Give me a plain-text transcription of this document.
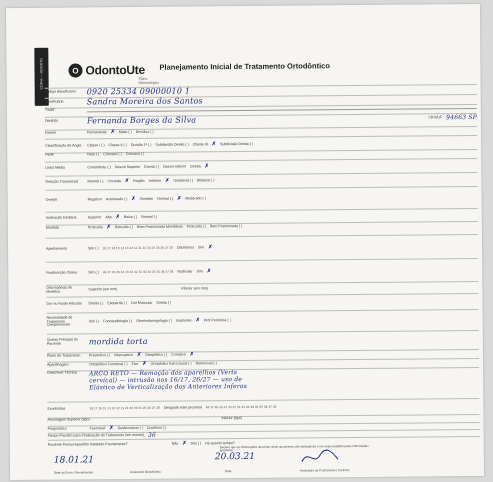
CÓPIA — ODONTO	O OdontoUte
Plano Odontológico
Planejamento Inicial de Tratamento Ortodôntico
Código Beneficiário	0920 25334 09000010 1
Beneficiário	Sandra Moreira dos Santos
Titular
Dentista	Fernanda Borges da Silva	CRO/UF 94663 SP
Desvio	Permanente ✗ Mista ( ) Decídua ( )
Classificação de Angle	Classe I ( ) Classe II ( ) Divisão 1ª ( ) Subdivisão Direita ( ) Classe III ✗ Subdivisão Direita ( )
Perfil	Reto ( ) Côncavo ( ) Convexo ( )
Linha Média	Coincidente ( ) Desvio Superior Direita ( ) Desvio Inferior Direita ✗
Relação Transversal	Normal ( ) Cruzada ✗ Região Anterior ✗ Unilateral ( ) Bilateral ( )
Overjet	Negativo Acentuado ( ) ✗ Overbite Normal ( ) ✗ Moderado ( )
Inclinação Dentária	Superior Alta ✗ Baixa ( ) Normal ( )
Mordida	Protruída ✗ Retruída ( ) Bem Posicionada Mandíbula Protruída ( ) Bem Posicionada ( )
Apinhamento	Sim ( ) 18 17 16 15 14 13 12 11 21 22 23 24 25 26 27 28 Diastemas Sim ✗
Reabsorção Óssea	Sim ( ) 48 47 46 45 44 43 42 41 31 32 33 34 35 36 37 38 Radicular Sim ✗
Discrepância de Modelos
Superior (em mm)	Inferior (em mm)
Dor ou Ruído Articular	Direita ( ) Esquerda ( ) Dor Muscular Direita ( )
Necessidade de Tratamento Complementar
Sim ( ) Fonoaudiologia ( ) Otorrinolaringologia ( ) Implantes ✗ Prót Periódica ( )
Queixa Principal do Paciente	mordida torta
Plano de Tratamento	Preventivo ( ) Interceptivo ✗ Ortopédico ( ) Corretivo ✗
Aparelhagem	Ortopédico Funcional ( ) Fixo ✗ Ortopédico Extra bucal ( ) Removível ( )
Descrever Técnica	ARCO RETO — Remoção dos aparelhos (Verts
cervical) — intrusão nos 16/17, 26/27 — uso de
Elástico de Verticalização dos Anteriores Ínferos
Exodontias	18 17 16 15 14 13 12 11 21 22 23 24 25 26 27 28 Desgaste Inter proximal 48 47 46 45 44 43 42 41 31 32 33 34 35 36 37 38
Ancoragem Superior (tipo)	Inferior (tipo)
Prognóstico	Favorável ✗ Desfavorável ( ) Duvidoso ( )
Tempo Previsto para Finalização do Tratamento (em meses) 36
Paciente Possui Aparelho Instalado Previamente?	Não ✗ Sim ( ) Há quanto tempo?
18.01.21
Data do Envio / Recebimento	Assinatura Beneficiário
20.03.21
Data	Assinatura do Profissional e Carimbo
Declaro que as informações descritas neste documento são verdadeiras e me responsabilizo pelas informações prestadas.
